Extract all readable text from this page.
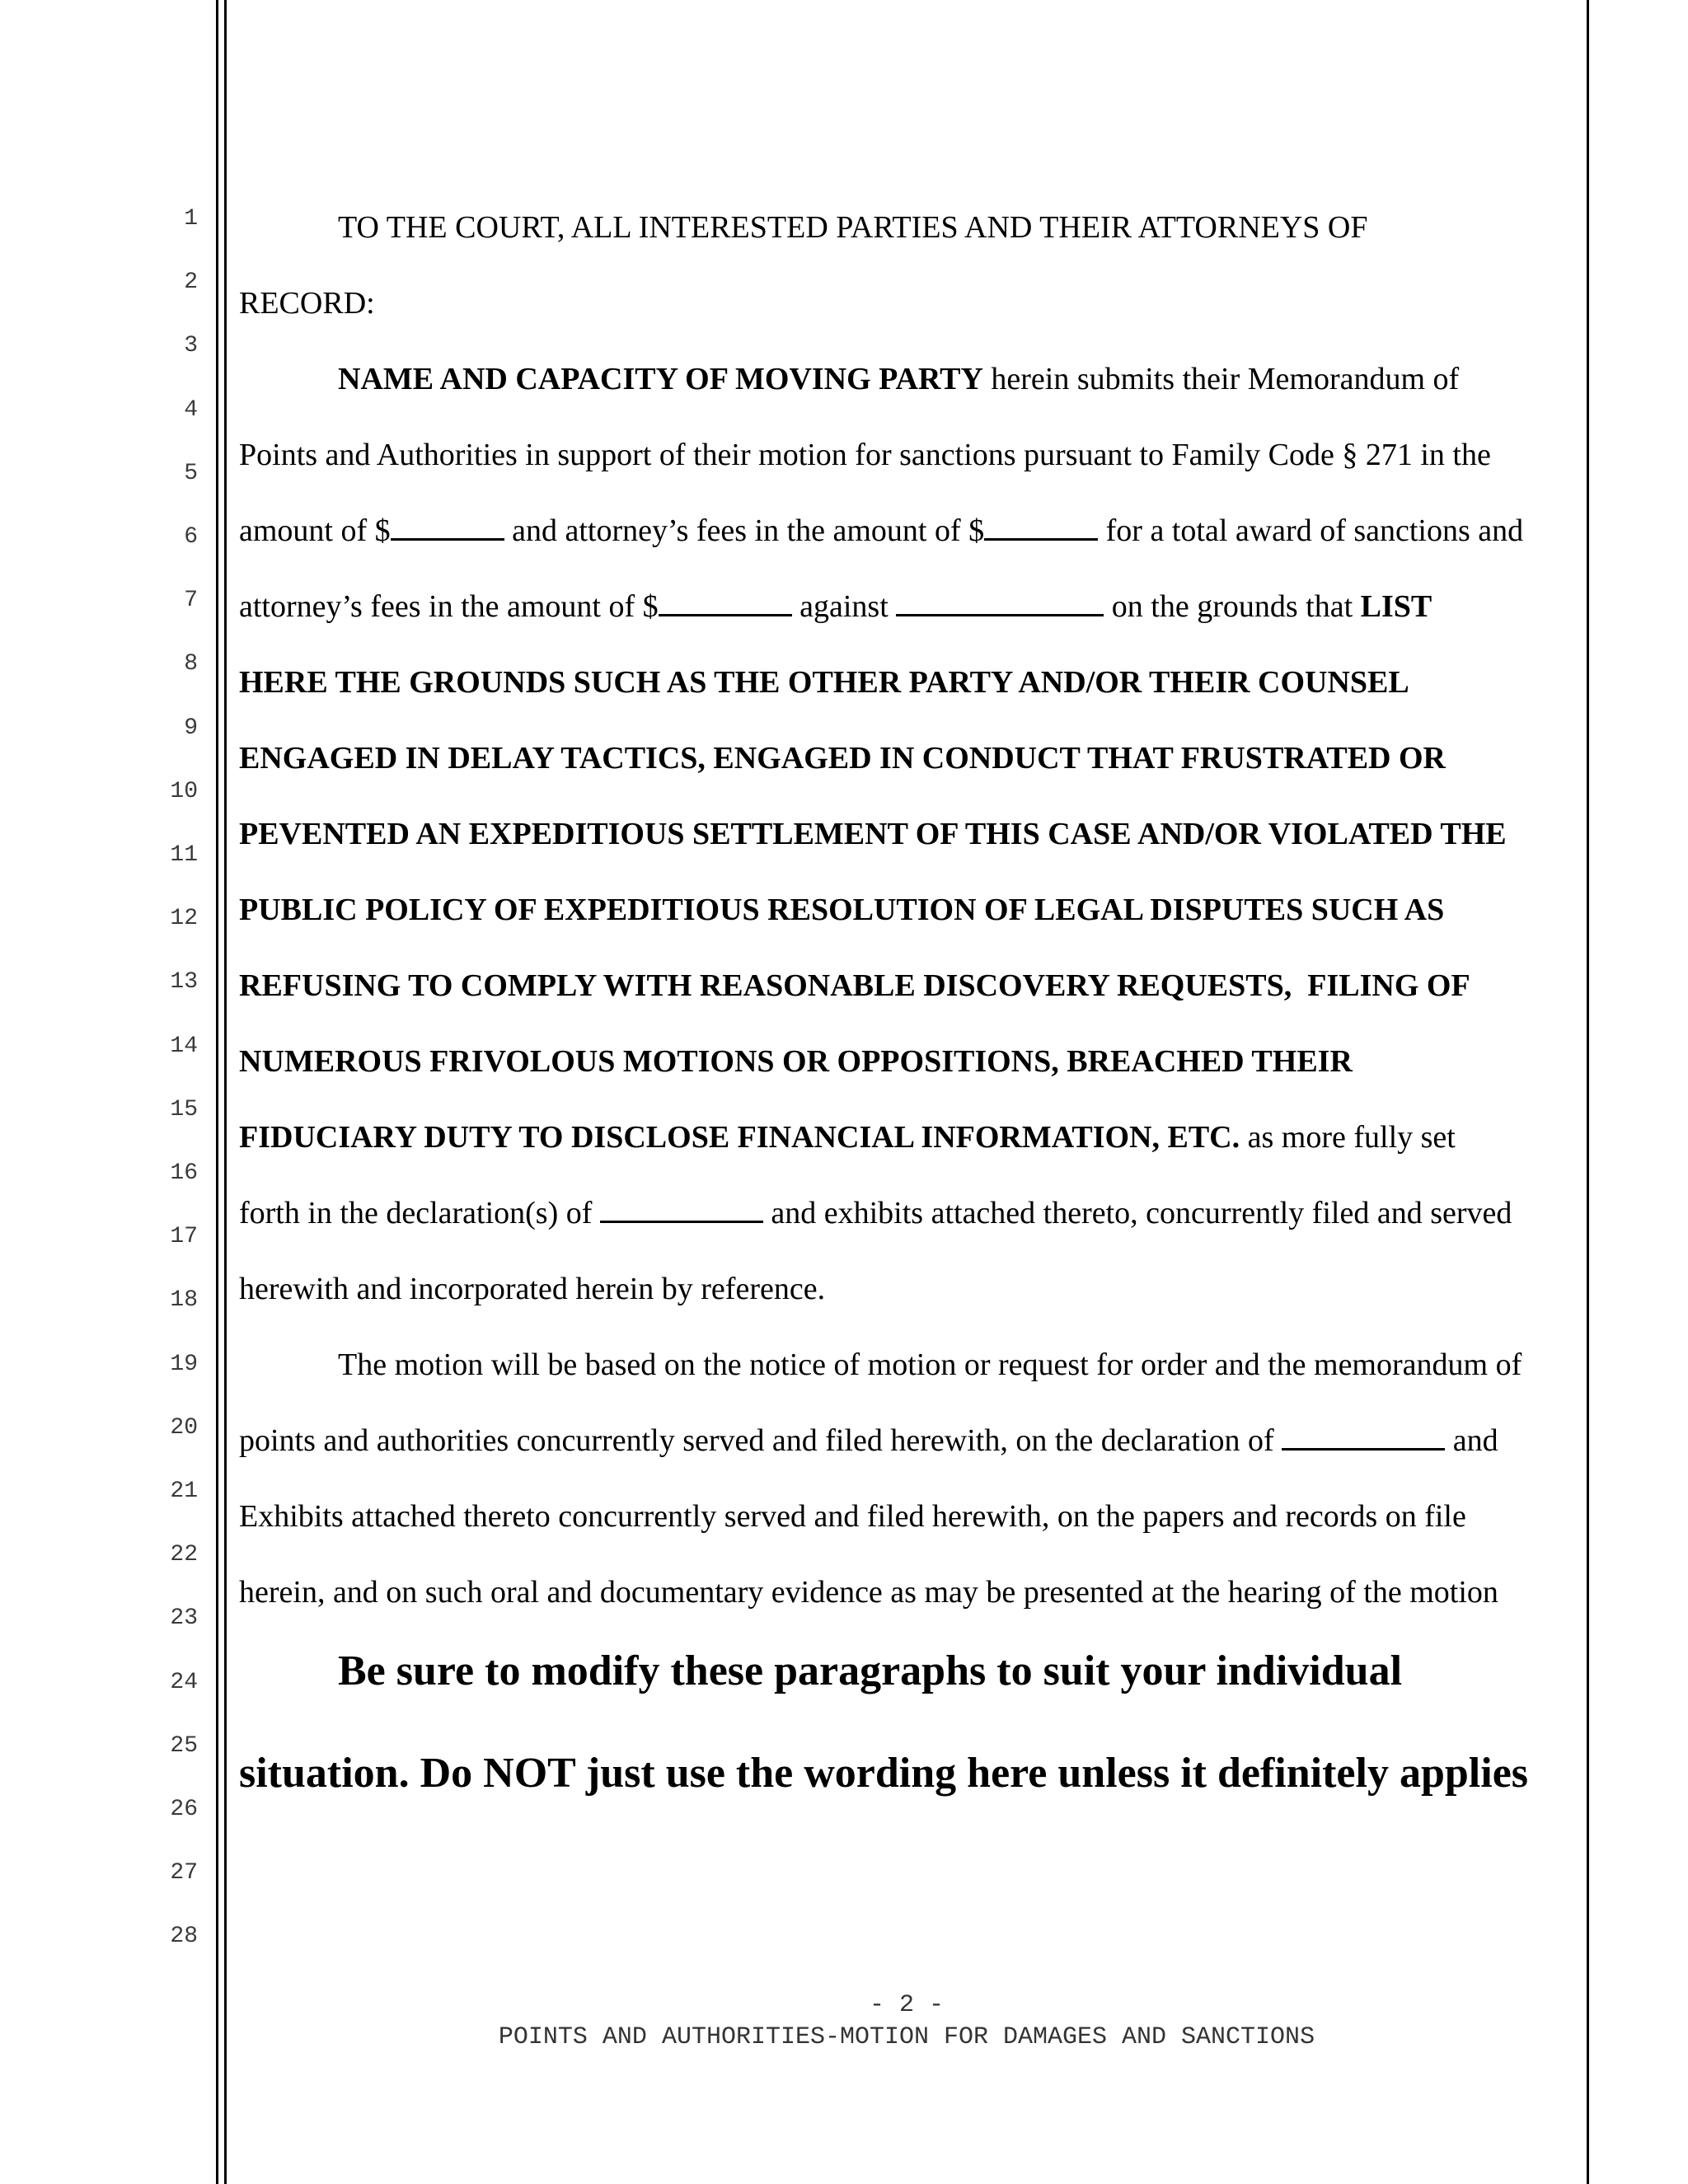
1
2
3
4
5
6
7
8
9
10
11
12
13
14
15
16
17
18
19
20
21
22
23
24
25
26
27
28
TO THE COURT, ALL INTERESTED PARTIES AND THEIR ATTORNEYS OF
RECORD:
NAME AND CAPACITY OF MOVING PARTY herein submits their Memorandum of
Points and Authorities in support of their motion for sanctions pursuant to Family Code § 271 in the
amount of $	and attorney’s fees in the amount of $	for a total award of sanctions and
attorney’s fees in the amount of $	against	on the grounds that LIST
HERE THE GROUNDS SUCH AS THE OTHER PARTY AND/OR THEIR COUNSEL
ENGAGED IN DELAY TACTICS, ENGAGED IN CONDUCT THAT FRUSTRATED OR
PEVENTED AN EXPEDITIOUS SETTLEMENT OF THIS CASE AND/OR VIOLATED THE
PUBLIC POLICY OF EXPEDITIOUS RESOLUTION OF LEGAL DISPUTES SUCH AS
REFUSING TO COMPLY WITH REASONABLE DISCOVERY REQUESTS,  FILING OF
NUMEROUS FRIVOLOUS MOTIONS OR OPPOSITIONS, BREACHED THEIR
FIDUCIARY DUTY TO DISCLOSE FINANCIAL INFORMATION, ETC. as more fully set
forth in the declaration(s) of	and exhibits attached thereto, concurrently filed and served
herewith and incorporated herein by reference.
The motion will be based on the notice of motion or request for order and the memorandum of
points and authorities concurrently served and filed herewith, on the declaration of	and
Exhibits attached thereto concurrently served and filed herewith, on the papers and records on file
herein, and on such oral and documentary evidence as may be presented at the hearing of the motion
Be sure to modify these paragraphs to suit your individual
situation. Do NOT just use the wording here unless it definitely applies
- 2 -
POINTS AND AUTHORITIES-MOTION FOR DAMAGES AND SANCTIONS
